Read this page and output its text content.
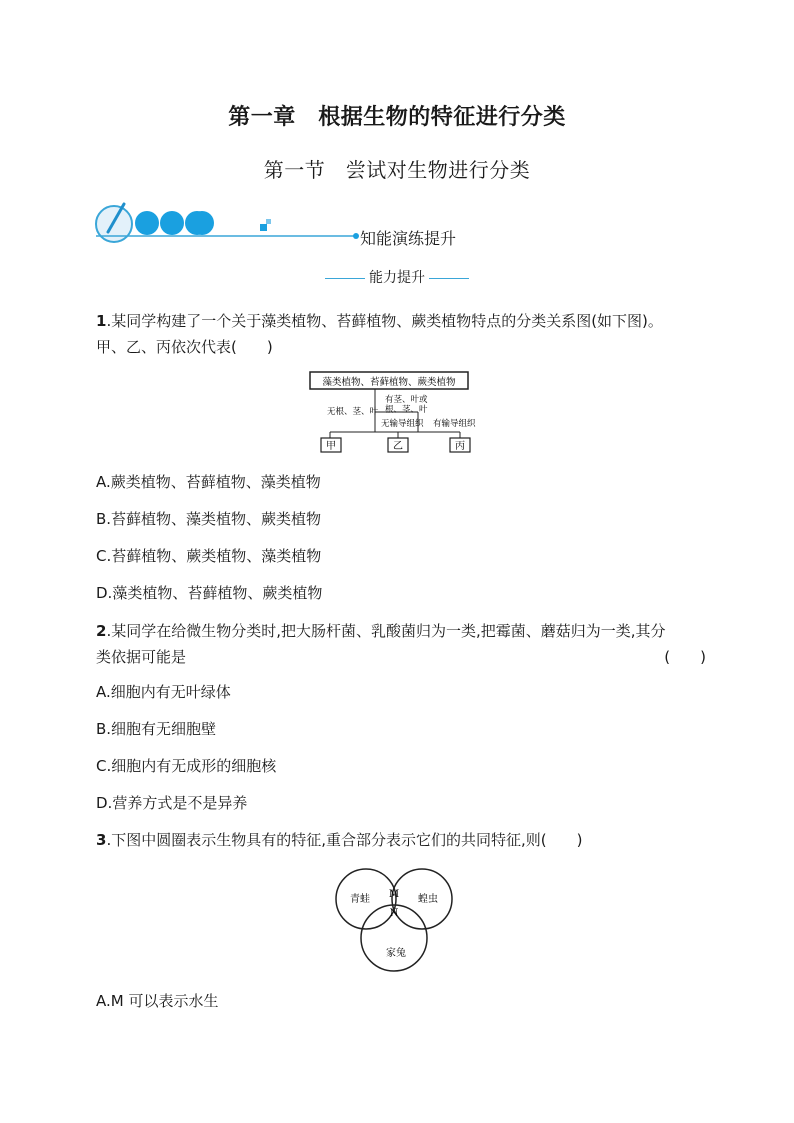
第一章　根据生物的特征进行分类
第一节　尝试对生物进行分类
知能演练提升
能力提升
1.某同学构建了一个关于藻类植物、苔藓植物、蕨类植物特点的分类关系图(如下图)。
甲、乙、丙依次代表(　　)
藻类植物、苔藓植物、蕨类植物
无根、茎、叶
有茎、叶或
根、茎、叶
无输导组织 有输导组织
甲	乙	丙
A.蕨类植物、苔藓植物、藻类植物
B.苔藓植物、藻类植物、蕨类植物
C.苔藓植物、蕨类植物、藻类植物
D.藻类植物、苔藓植物、蕨类植物
2.某同学在给微生物分类时,把大肠杆菌、乳酸菌归为一类,把霉菌、蘑菇归为一类,其分
类依据可能是	(　　)
A.细胞内有无叶绿体
B.细胞有无细胞壁
C.细胞内有无成形的细胞核
D.营养方式是不是异养
3.下图中圆圈表示生物具有的特征,重合部分表示它们的共同特征,则(　　)
青蛙	蝗虫
家兔
M
N
A.M 可以表示水生
